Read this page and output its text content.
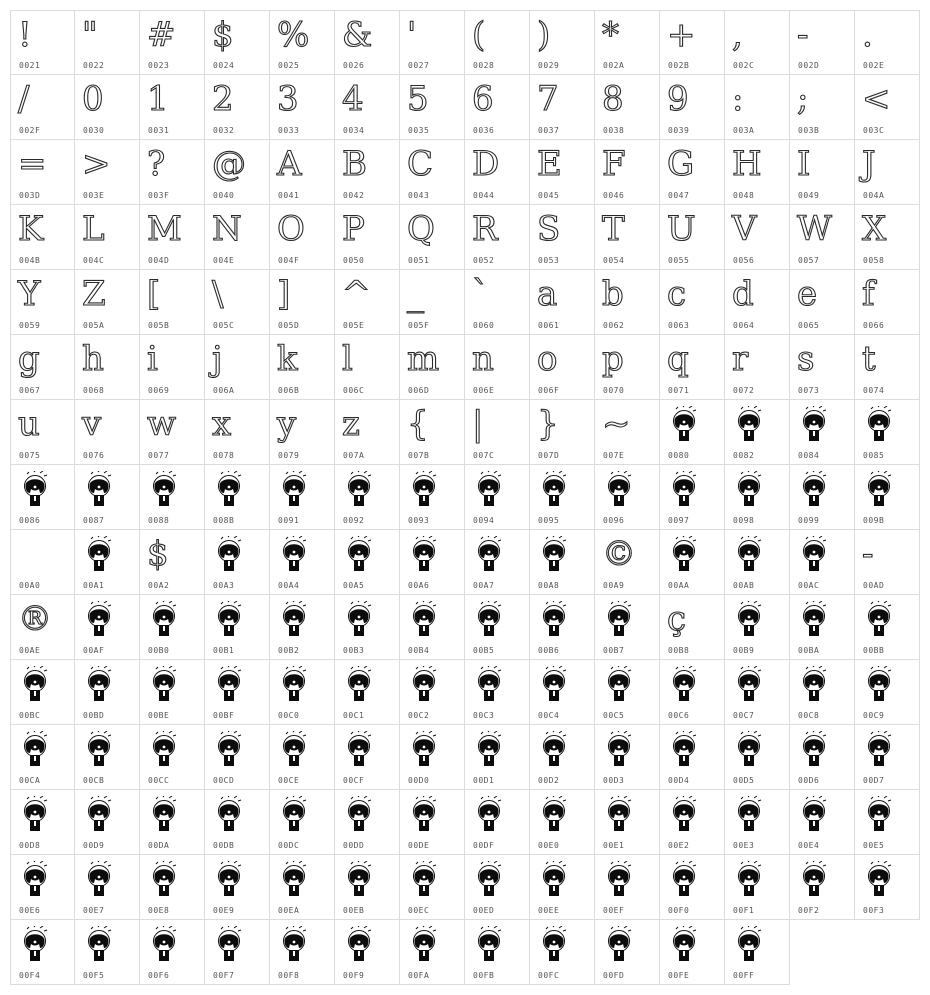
!
0021
"
0022
#
0023
$
0024
%
0025
&
0026
'
0027
(
0028
)
0029
*
002A
+
002B
,
002C
-
002D
.
002E
/
002F
0
0030
1
0031
2
0032
3
0033
4
0034
5
0035
6
0036
7
0037
8
0038
9
0039
:
003A
;
003B
<
003C
=
003D
>
003E
?
003F
@
0040
A
0041
B
0042
C
0043
D
0044
E
0045
F
0046
G
0047
H
0048
I
0049
J
004A
K
004B
L
004C
M
004D
N
004E
O
004F
P
0050
Q
0051
R
0052
S
0053
T
0054
U
0055
V
0056
W
0057
X
0058
Y
0059
Z
005A
[
005B
\
005C
]
005D
^
005E
_
005F
`
0060
a
0061
b
0062
c
0063
d
0064
e
0065
f
0066
g
0067
h
0068
i
0069
j
006A
k
006B
l
006C
m
006D
n
006E
o
006F
p
0070
q
0071
r
0072
s
0073
t
0074
u
0075
v
0076
w
0077
x
0078
y
0079
z
007A
{
007B
|
007C
}
007D
~
007E	0080	0082	0084	0085
0086	0087	0088	008B	0091	0092	0093	0094	0095	0096	0097	0098	0099	009B
00A0	00A1
$
00A2	00A3	00A4	00A5	00A6	00A7	00A8
©
00A9	00AA	00AB	00AC
-
00AD
®
00AE	00AF	00B0	00B1	00B2	00B3	00B4	00B5	00B6	00B7
ç
00B8	00B9	00BA	00BB
00BC	00BD	00BE	00BF	00C0	00C1	00C2	00C3	00C4	00C5	00C6	00C7	00C8	00C9
00CA	00CB	00CC	00CD	00CE	00CF	00D0	00D1	00D2	00D3	00D4	00D5	00D6	00D7
00D8	00D9	00DA	00DB	00DC	00DD	00DE	00DF	00E0	00E1	00E2	00E3	00E4	00E5
00E6	00E7	00E8	00E9	00EA	00EB	00EC	00ED	00EE	00EF	00F0	00F1	00F2	00F3
00F4	00F5	00F6	00F7	00F8	00F9	00FA	00FB	00FC	00FD	00FE	00FF
